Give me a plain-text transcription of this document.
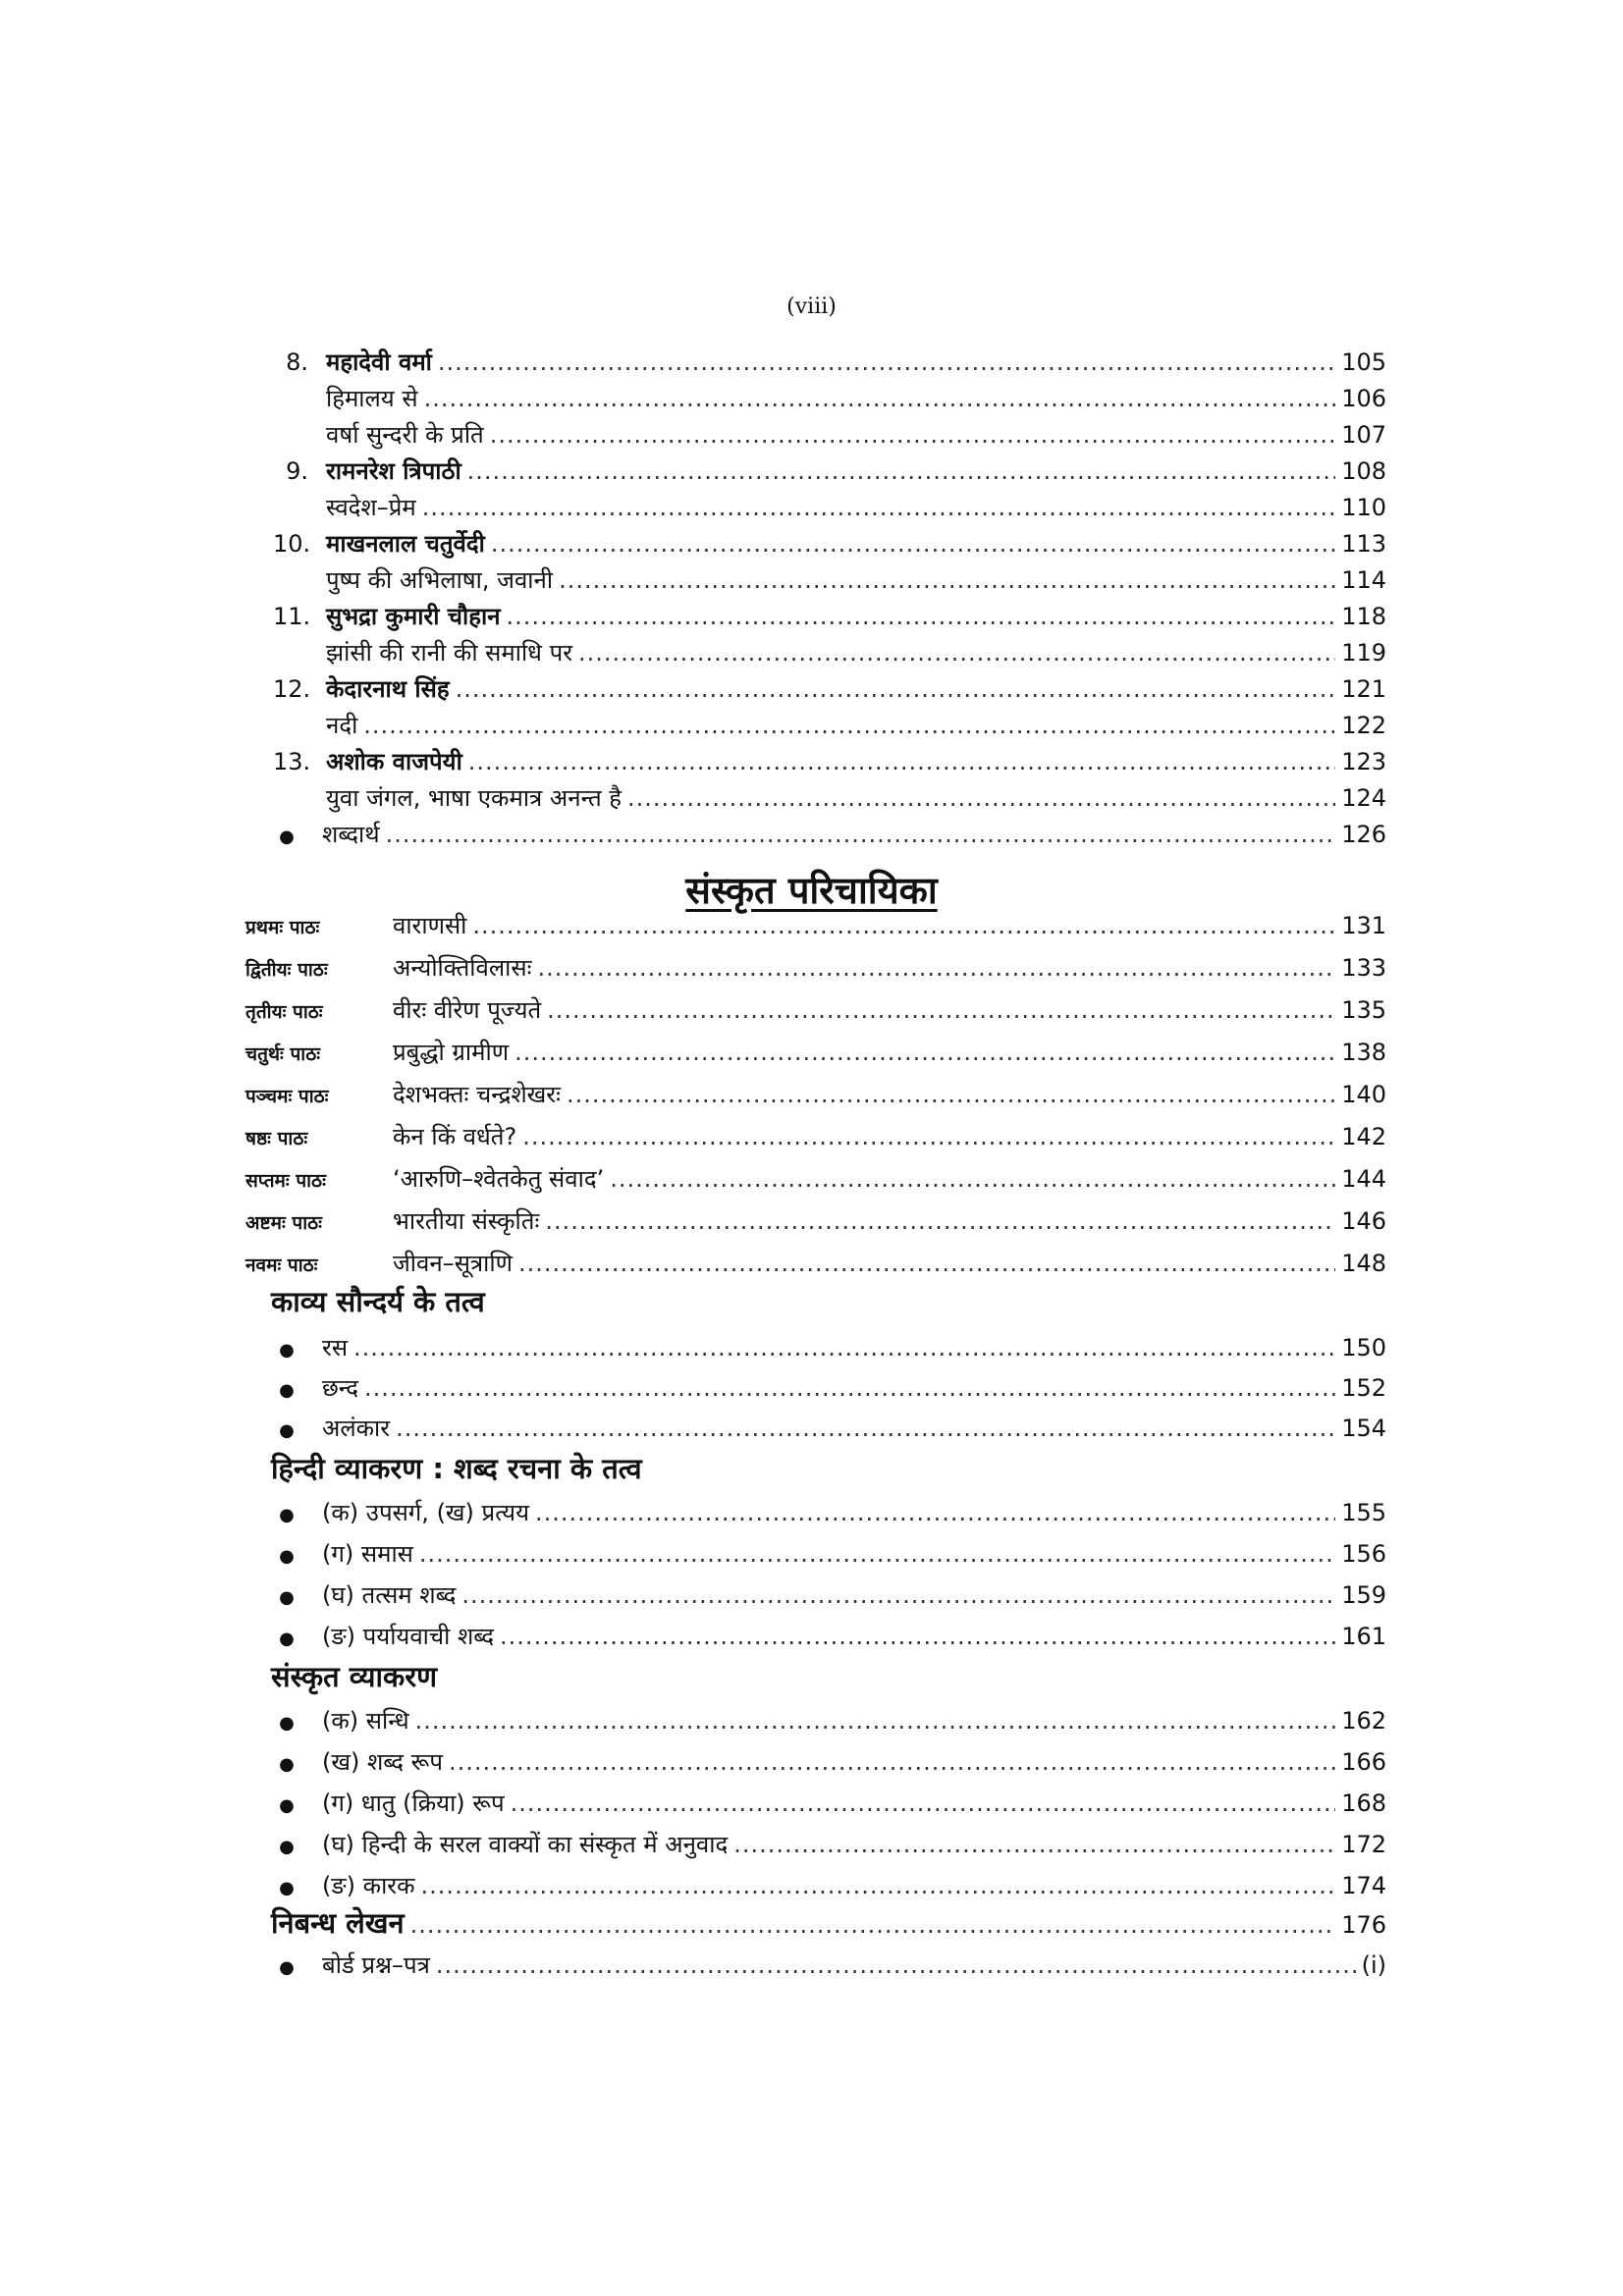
(viii)
8. महादेवी वर्मा .....	105
हिमालय से .....	106
वर्षा सुन्दरी के प्रति .....	107
9. रामनरेश त्रिपाठी .....	108
स्वदेश–प्रेम .....	110
10. माखनलाल चतुर्वेदी .....	113
पुष्प की अभिलाषा, जवानी .....	114
11. सुभद्रा कुमारी चौहान .....	118
झांसी की रानी की समाधि पर .....	119
12. केदारनाथ सिंह .....	121
नदी .....	122
13. अशोक वाजपेयी .....	123
युवा जंगल, भाषा एकमात्र अनन्त है .....	124
● शब्दार्थ .....	126
संस्कृत परिचायिका
प्रथमः पाठः	वाराणसी .....	131
द्वितीयः पाठः	अन्योक्तिविलासः .....	133
तृतीयः पाठः	वीरः वीरेण पूज्यते .....	135
चतुर्थः पाठः	प्रबुद्धो ग्रामीण .....	138
पञ्चमः पाठः	देशभक्तः चन्द्रशेखरः .....	140
षष्ठः पाठः	केन किं वर्धते? .....	142
सप्तमः पाठः	‘आरुणि–श्वेतकेतु संवाद’ .....	144
अष्टमः पाठः	भारतीया संस्कृतिः .....	146
नवमः पाठः	जीवन–सूत्राणि .....	148
काव्य सौन्दर्य के तत्व
● रस .....	150
● छन्द .....	152
● अलंकार .....	154
हिन्दी व्याकरण : शब्द रचना के तत्व
● (क) उपसर्ग, (ख) प्रत्यय .....	155
● (ग) समास .....	156
● (घ) तत्सम शब्द .....	159
● (ङ) पर्यायवाची शब्द .....	161
संस्कृत व्याकरण
● (क) सन्धि .....	162
● (ख) शब्द रूप .....	166
● (ग) धातु (क्रिया) रूप .....	168
● (घ) हिन्दी के सरल वाक्यों का संस्कृत में अनुवाद .....	172
● (ङ) कारक .....	174
निबन्ध लेखन .....	176
● बोर्ड प्रश्न–पत्र .....	(i)
